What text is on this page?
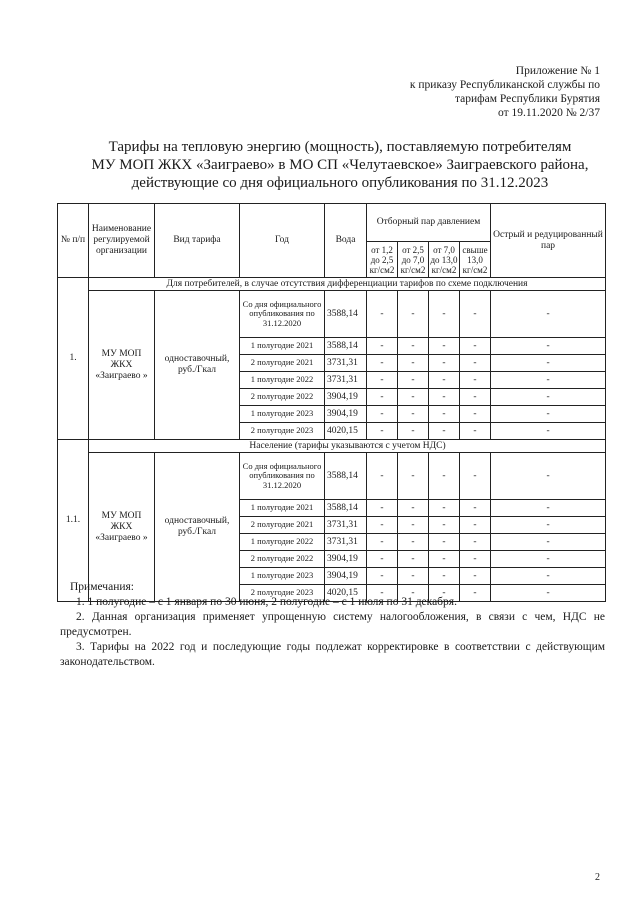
Приложение № 1
к приказу Республиканской службы по
тарифам Республики Бурятия
от 19.11.2020 № 2/37
Тарифы на тепловую энергию (мощность), поставляемую потребителям
МУ МОП ЖКХ «Заиграево» в МО СП «Челутаевское» Заиграевского района,
действующие со дня официального опубликования по 31.12.2023
№ п/п	Наименование регулируемой организации	Вид тарифа	Год	Вода	Отборный пар давлением				Острый и редуцированный пар
					от 1,2 до 2,5 кг/см2	от 2,5 до 7,0 кг/см2	от 7,0 до 13,0 кг/см2	свыше 13,0 кг/см2	
1.	Для потребителей, в случае отсутствия дифференциации тарифов по схеме подключения								
	МУ МОП ЖКХ «Заиграево »	одноставочный, руб./Гкал	Со дня официального опубликования по 31.12.2020	3588,14	-	-	-	-	-
			1 полугодие 2021	3588,14	-	-	-	-	-
			2 полугодие 2021	3731,31	-	-	-	-	-
			1 полугодие 2022	3731,31	-	-	-	-	-
			2 полугодие 2022	3904,19	-	-	-	-	-
			1 полугодие 2023	3904,19	-	-	-	-	-
			2 полугодие 2023	4020,15	-	-	-	-	-
1.1.	Население (тарифы указываются с учетом НДС)								
	МУ МОП ЖКХ «Заиграево »	одноставочный, руб./Гкал	Со дня официального опубликования по 31.12.2020	3588,14	-	-	-	-	-
			1 полугодие 2021	3588,14	-	-	-	-	-
			2 полугодие 2021	3731,31	-	-	-	-	-
			1 полугодие 2022	3731,31	-	-	-	-	-
			2 полугодие 2022	3904,19	-	-	-	-	-
			1 полугодие 2023	3904,19	-	-	-	-	-
			2 полугодие 2023	4020,15	-	-	-	-	-
Примечания:
1. 1 полугодие – с 1 января по 30 июня, 2 полугодие – с 1 июля по 31 декабря.
2. Данная организация применяет упрощенную систему налогообложения, в связи с чем, НДС не предусмотрен.
3. Тарифы на 2022 год и последующие годы подлежат корректировке в соответствии с действующим законодательством.
2
